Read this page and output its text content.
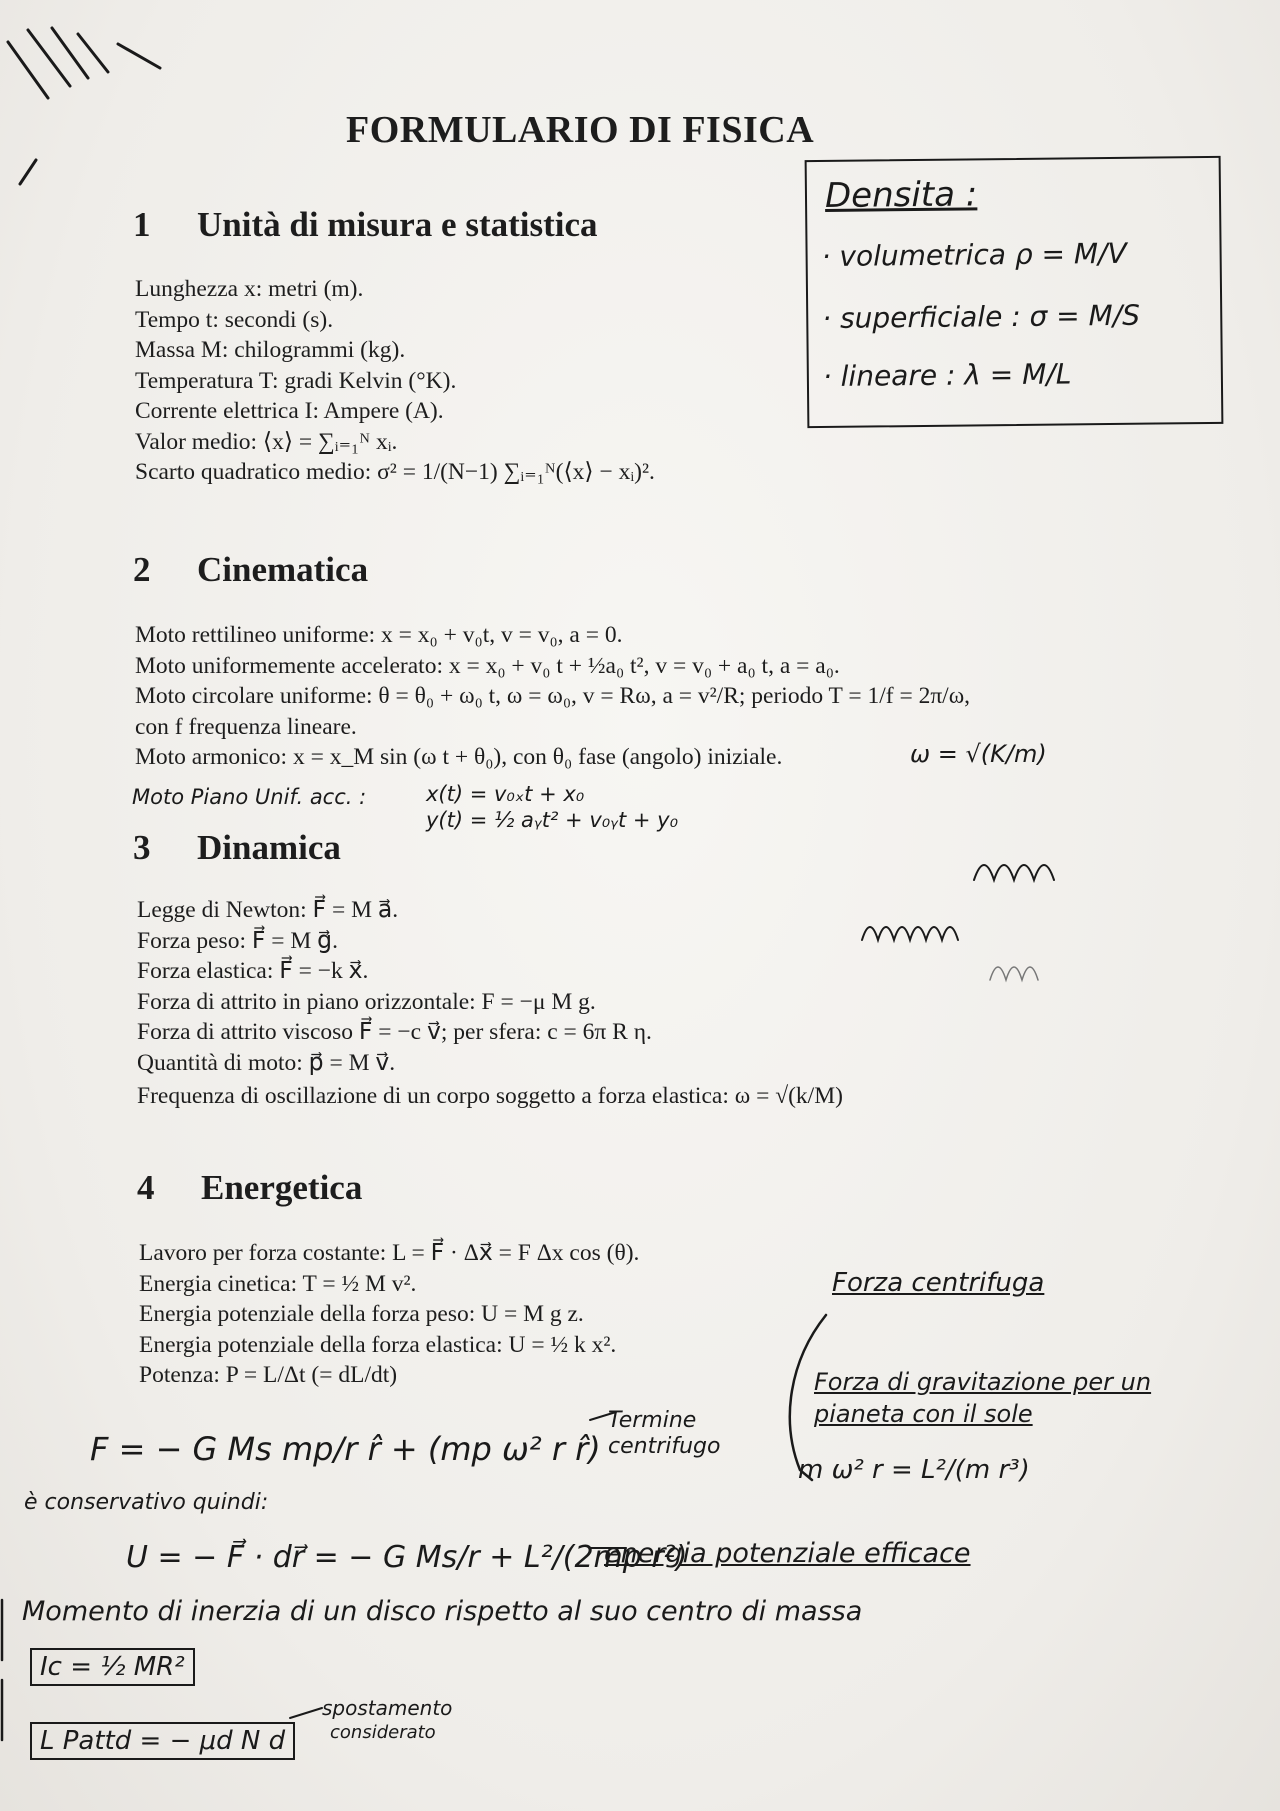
FORMULARIO DI FISICA
1 Unità di misura e statistica
Lunghezza x: metri (m).
Tempo t: secondi (s).
Massa M: chilogrammi (kg).
Temperatura T: gradi Kelvin (°K).
Corrente elettrica I: Ampere (A).
Valor medio: ⟨x⟩ = ∑ᵢ₌₁ᴺ xᵢ.
Scarto quadratico medio: σ² = 1/(N−1) ∑ᵢ₌₁ᴺ(⟨x⟩ − xᵢ)².
2 Cinematica
Moto rettilineo uniforme: x = x₀ + v₀t, v = v₀, a = 0.
Moto uniformemente accelerato: x = x₀ + v₀ t + ½a₀ t², v = v₀ + a₀ t, a = a₀.
Moto circolare uniforme: θ = θ₀ + ω₀ t, ω = ω₀, v = Rω, a = v²/R; periodo T = 1/f = 2π/ω,
con f frequenza lineare.
Moto armonico: x = x_M sin (ω t + θ₀), con θ₀ fase (angolo) iniziale.
3 Dinamica
Legge di Newton: F⃗ = M a⃗.
Forza peso: F⃗ = M g⃗.
Forza elastica: F⃗ = −k x⃗.
Forza di attrito in piano orizzontale: F = −μ M g.
Forza di attrito viscoso F⃗ = −c v⃗; per sfera: c = 6π R η.
Quantità di moto: p⃗ = M v⃗.
Frequenza di oscillazione di un corpo soggetto a forza elastica: ω = √(k/M)
4 Energetica
Lavoro per forza costante: L = F⃗ · Δx⃗ = F Δx cos (θ).
Energia cinetica: T = ½ M v².
Energia potenziale della forza peso: U = M g z.
Energia potenziale della forza elastica: U = ½ k x².
Potenza: P = L/Δt (= dL/dt)
Densita :
· volumetrica ρ = M/V
· superficiale : σ = M/S
· lineare : λ = M/L
ω = √(K/m)
Moto Piano Unif. acc. :	x(t) = v₀ₓt + x₀
y(t) = ½ aᵧt² + v₀ᵧt + y₀
Forza centrifuga
Forza di gravitazione per un
pianeta con il sole
m ω² r = L²/(m r³)
F = − G Ms mp/r r̂ + (mp ω² r r̂)
Termine centrifugo
è conservativo quindi:
U = − F⃗ · dr⃗ = − G Ms/r + L²/(2mp r²)
energia potenziale efficace
Momento di inerzia di un disco rispetto al suo centro di massa
Ic = ½ MR²
L Pattd = − μd N d
spostamento
considerato
